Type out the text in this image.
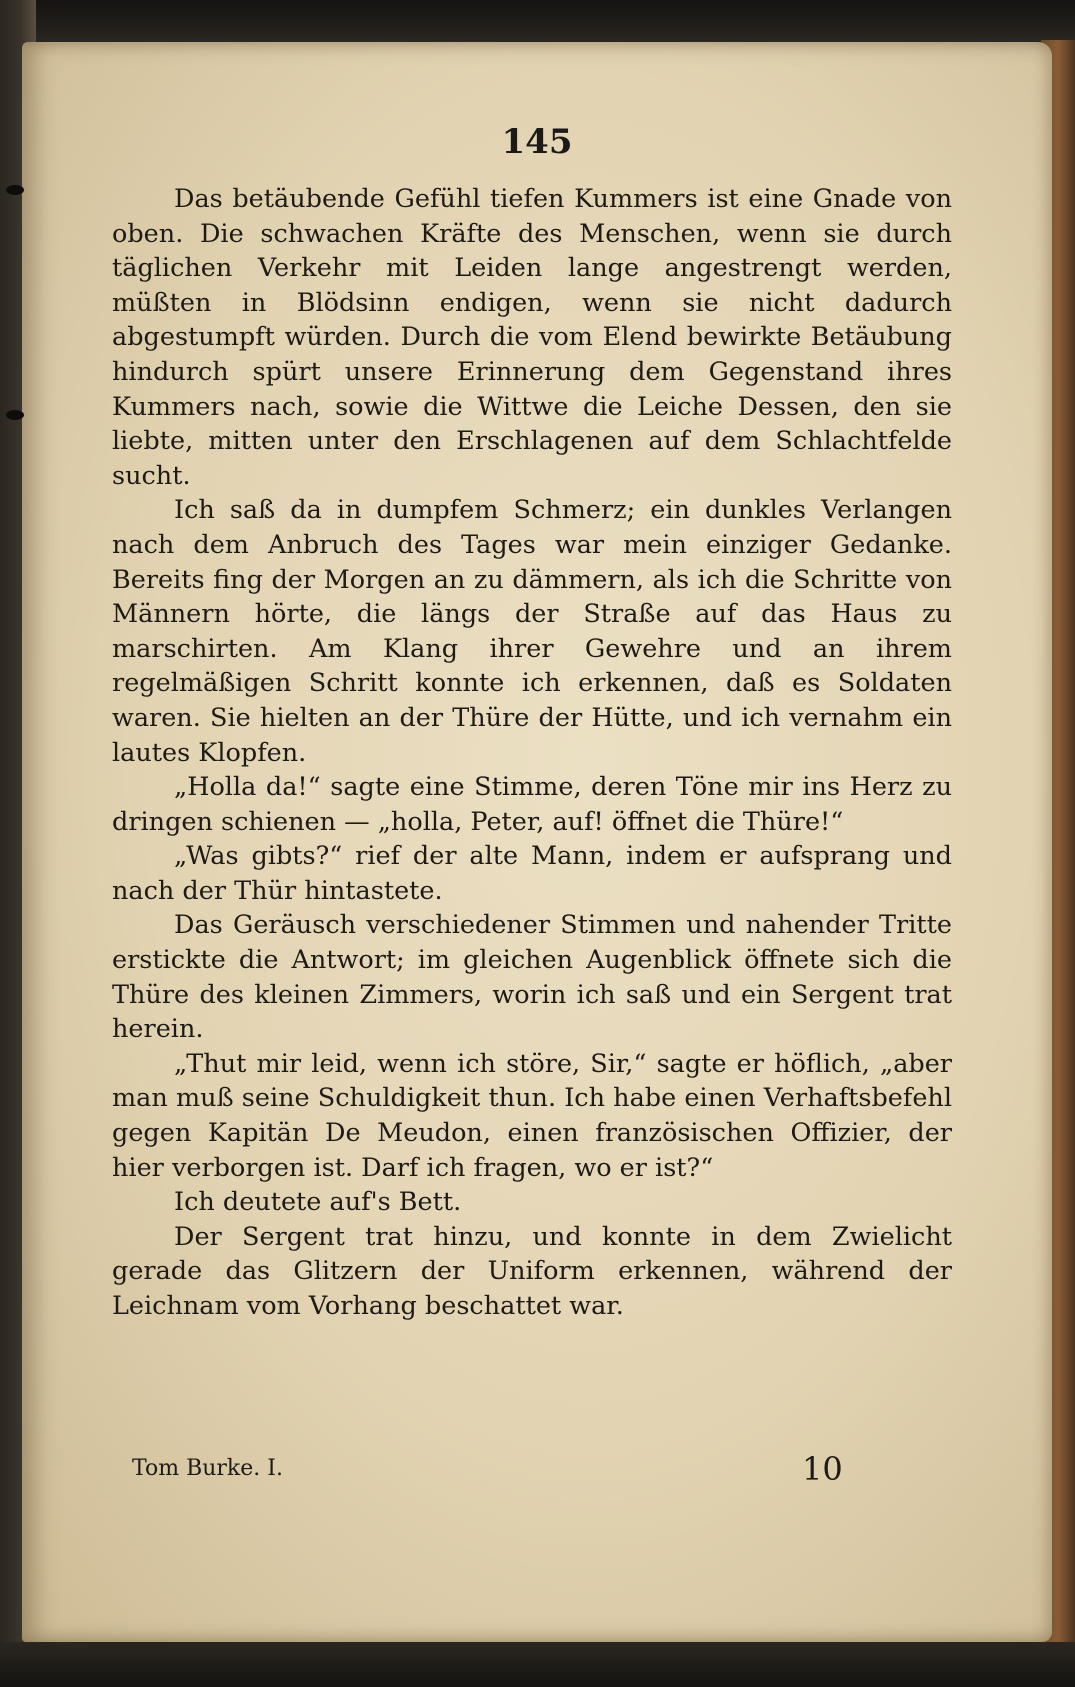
145

Das betäubende Gefühl tiefen Kummers ist eine Gnade von oben. Die schwachen Kräfte des Menschen, wenn sie durch täglichen Verkehr mit Leiden lange angestrengt werden, müßten in Blödsinn endigen, wenn sie nicht dadurch abgestumpft würden. Durch die vom Elend bewirkte Betäubung hindurch spürt unsere Erinnerung dem Gegenstand ihres Kummers nach, sowie die Wittwe die Leiche Dessen, den sie liebte, mitten unter den Erschlagenen auf dem Schlachtfelde sucht.

Ich saß da in dumpfem Schmerz; ein dunkles Verlangen nach dem Anbruch des Tages war mein einziger Gedanke. Bereits fing der Morgen an zu dämmern, als ich die Schritte von Männern hörte, die längs der Straße auf das Haus zu marschirten. Am Klang ihrer Gewehre und an ihrem regelmäßigen Schritt konnte ich erkennen, daß es Soldaten waren. Sie hielten an der Thüre der Hütte, und ich vernahm ein lautes Klopfen.

„Holla da!“ sagte eine Stimme, deren Töne mir ins Herz zu dringen schienen — „holla, Peter, auf! öffnet die Thüre!“

„Was gibts?“ rief der alte Mann, indem er aufsprang und nach der Thür hintastete.

Das Geräusch verschiedener Stimmen und nahender Tritte erstickte die Antwort; im gleichen Augenblick öffnete sich die Thüre des kleinen Zimmers, worin ich saß und ein Sergent trat herein.

„Thut mir leid, wenn ich störe, Sir,“ sagte er höflich, „aber man muß seine Schuldigkeit thun. Ich habe einen Verhaftsbefehl gegen Kapitän De Meudon, einen französischen Offizier, der hier verborgen ist. Darf ich fragen, wo er ist?“

Ich deutete auf's Bett.

Der Sergent trat hinzu, und konnte in dem Zwielicht gerade das Glitzern der Uniform erkennen, während der Leichnam vom Vorhang beschattet war.

Tom Burke. I.	10
